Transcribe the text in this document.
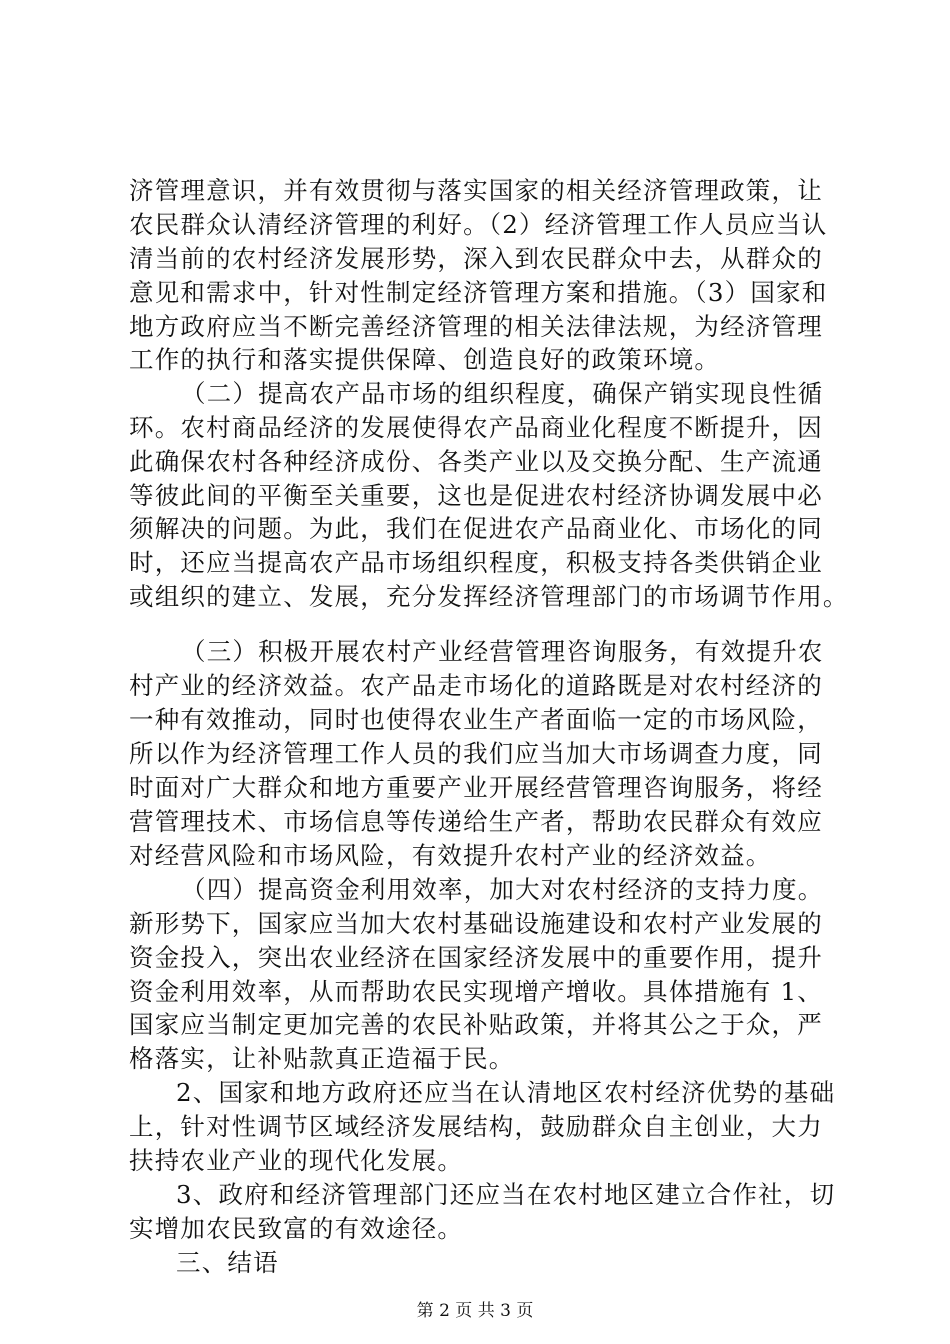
济管理意识，并有效贯彻与落实国家的相关经济管理政策，让
农民群众认清经济管理的利好。（2）经济管理工作人员应当认
清当前的农村经济发展形势，深入到农民群众中去，从群众的
意见和需求中，针对性制定经济管理方案和措施。（3）国家和
地方政府应当不断完善经济管理的相关法律法规，为经济管理
工作的执行和落实提供保障、创造良好的政策环境。
（二）提高农产品市场的组织程度，确保产销实现良性循
环。农村商品经济的发展使得农产品商业化程度不断提升，因
此确保农村各种经济成份、各类产业以及交换分配、生产流通
等彼此间的平衡至关重要，这也是促进农村经济协调发展中必
须解决的问题。为此，我们在促进农产品商业化、市场化的同
时，还应当提高农产品市场组织程度，积极支持各类供销企业
或组织的建立、发展，充分发挥经济管理部门的市场调节作用。
（三）积极开展农村产业经营管理咨询服务，有效提升农
村产业的经济效益。农产品走市场化的道路既是对农村经济的
一种有效推动，同时也使得农业生产者面临一定的市场风险，
所以作为经济管理工作人员的我们应当加大市场调查力度，同
时面对广大群众和地方重要产业开展经营管理咨询服务，将经
营管理技术、市场信息等传递给生产者，帮助农民群众有效应
对经营风险和市场风险，有效提升农村产业的经济效益。
（四）提高资金利用效率，加大对农村经济的支持力度。
新形势下，国家应当加大农村基础设施建设和农村产业发展的
资金投入，突出农业经济在国家经济发展中的重要作用，提升
资金利用效率，从而帮助农民实现增产增收。具体措施有 1、
国家应当制定更加完善的农民补贴政策，并将其公之于众，严
格落实，让补贴款真正造福于民。
2、国家和地方政府还应当在认清地区农村经济优势的基础
上，针对性调节区域经济发展结构，鼓励群众自主创业，大力
扶持农业产业的现代化发展。
3、政府和经济管理部门还应当在农村地区建立合作社，切
实增加农民致富的有效途径。
三、结语
第 2 页 共 3 页
